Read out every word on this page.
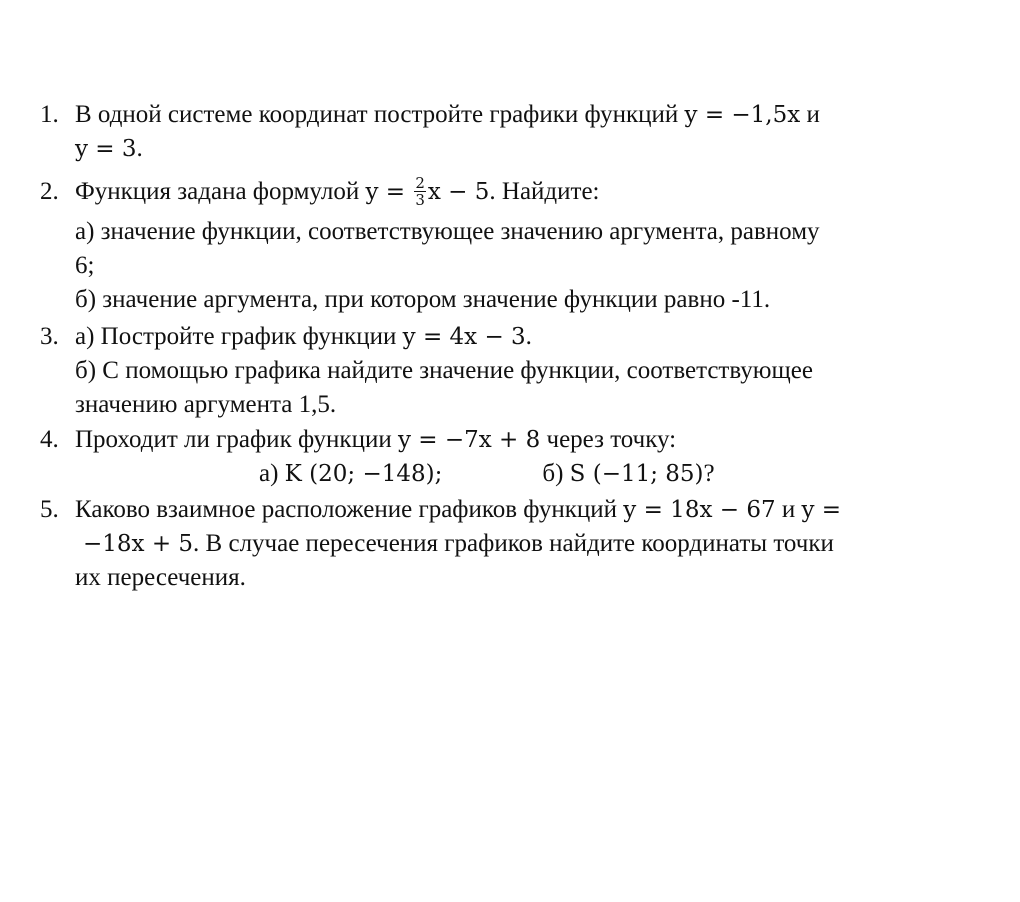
1. В одной системе координат постройте графики функций y = −1,5x и
y = 3.
2. Функция задана формулой $y = \frac{2}{3}$ x − 5. Найдите:
а) значение функции, соответствующее значению аргумента, равному
6;
б) значение аргумента, при котором значение функции равно -11.
3. а) Постройте график функции y = 4x − 3.
б) С помощью графика найдите значение функции, соответствующее
значению аргумента 1,5.
4. Проходит ли график функции y = −7x + 8 через точку:
а) K (20; −148);	б) S (−11; 85)?
5. Каково взаимное расположение графиков функций y = 18x − 67 и y =
−18x + 5. В случае пересечения графиков найдите координаты точки
их пересечения.
